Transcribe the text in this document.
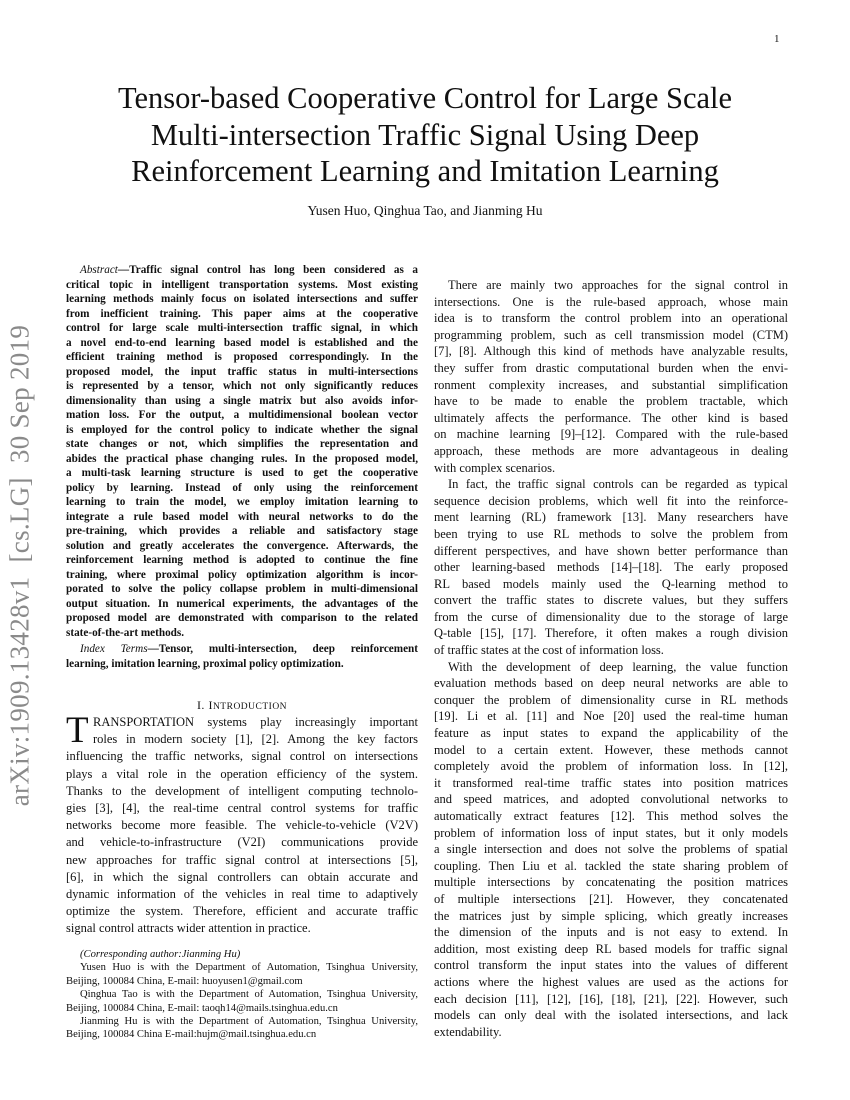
1
arXiv:1909.13428v1  [cs.LG]  30 Sep 2019
Tensor-based Cooperative Control for Large Scale
Multi-intersection Traffic Signal Using Deep
Reinforcement Learning and Imitation Learning
Yusen Huo, Qinghua Tao, and Jianming Hu
Abstract—Traffic signal control has long been considered as a
critical topic in intelligent transportation systems. Most existing
learning methods mainly focus on isolated intersections and suffer
from inefficient training. This paper aims at the cooperative
control for large scale multi-intersection traffic signal, in which
a novel end-to-end learning based model is established and the
efficient training method is proposed correspondingly. In the
proposed model, the input traffic status in multi-intersections
is represented by a tensor, which not only significantly reduces
dimensionality than using a single matrix but also avoids infor-
mation loss. For the output, a multidimensional boolean vector
is employed for the control policy to indicate whether the signal
state changes or not, which simplifies the representation and
abides the practical phase changing rules. In the proposed model,
a multi-task learning structure is used to get the cooperative
policy by learning. Instead of only using the reinforcement
learning to train the model, we employ imitation learning to
integrate a rule based model with neural networks to do the
pre-training, which provides a reliable and satisfactory stage
solution and greatly accelerates the convergence. Afterwards, the
reinforcement learning method is adopted to continue the fine
training, where proximal policy optimization algorithm is incor-
porated to solve the policy collapse problem in multi-dimensional
output situation. In numerical experiments, the advantages of the
proposed model are demonstrated with comparison to the related
state-of-the-art methods.
Index Terms—Tensor, multi-intersection, deep reinforcement
learning, imitation learning, proximal policy optimization.
I. INTRODUCTION
T RANSPORTATION systems play increasingly important
roles in modern society [1], [2]. Among the key factors
influencing the traffic networks, signal control on intersections
plays a vital role in the operation efficiency of the system.
Thanks to the development of intelligent computing technolo-
gies [3], [4], the real-time central control systems for traffic
networks become more feasible. The vehicle-to-vehicle (V2V)
and vehicle-to-infrastructure (V2I) communications provide
new approaches for traffic signal control at intersections [5],
[6], in which the signal controllers can obtain accurate and
dynamic information of the vehicles in real time to adaptively
optimize the system. Therefore, efficient and accurate traffic
signal control attracts wider attention in practice.
(Corresponding author:Jianming Hu)
Yusen Huo is with the Department of Automation, Tsinghua University,
Beijing, 100084 China, E-mail: huoyusen1@gmail.com
Qinghua Tao is with the Department of Automation, Tsinghua University,
Beijing, 100084 China, E-mail: taoqh14@mails.tsinghua.edu.cn
Jianming Hu is with the Department of Automation, Tsinghua University,
Beijing, 100084 China E-mail:hujm@mail.tsinghua.edu.cn
There are mainly two approaches for the signal control in
intersections. One is the rule-based approach, whose main
idea is to transform the control problem into an operational
programming problem, such as cell transmission model (CTM)
[7], [8]. Although this kind of methods have analyzable results,
they suffer from drastic computational burden when the envi-
ronment complexity increases, and substantial simplification
have to be made to enable the problem tractable, which
ultimately affects the performance. The other kind is based
on machine learning [9]–[12]. Compared with the rule-based
approach, these methods are more advantageous in dealing
with complex scenarios.
In fact, the traffic signal controls can be regarded as typical
sequence decision problems, which well fit into the reinforce-
ment learning (RL) framework [13]. Many researchers have
been trying to use RL methods to solve the problem from
different perspectives, and have shown better performance than
other learning-based methods [14]–[18]. The early proposed
RL based models mainly used the Q-learning method to
convert the traffic states to discrete values, but they suffers
from the curse of dimensionality due to the storage of large
Q-table [15], [17]. Therefore, it often makes a rough division
of traffic states at the cost of information loss.
With the development of deep learning, the value function
evaluation methods based on deep neural networks are able to
conquer the problem of dimensionality curse in RL methods
[19]. Li et al. [11] and Noe [20] used the real-time human
feature as input states to expand the applicability of the
model to a certain extent. However, these methods cannot
completely avoid the problem of information loss. In [12],
it transformed real-time traffic states into position matrices
and speed matrices, and adopted convolutional networks to
automatically extract features [12]. This method solves the
problem of information loss of input states, but it only models
a single intersection and does not solve the problems of spatial
coupling. Then Liu et al. tackled the state sharing problem of
multiple intersections by concatenating the position matrices
of multiple intersections [21]. However, they concatenated
the matrices just by simple splicing, which greatly increases
the dimension of the inputs and is not easy to extend. In
addition, most existing deep RL based models for traffic signal
control transform the input states into the values of different
actions where the highest values are used as the actions for
each decision [11], [12], [16], [18], [21], [22]. However, such
models can only deal with the isolated intersections, and lack
extendability.
